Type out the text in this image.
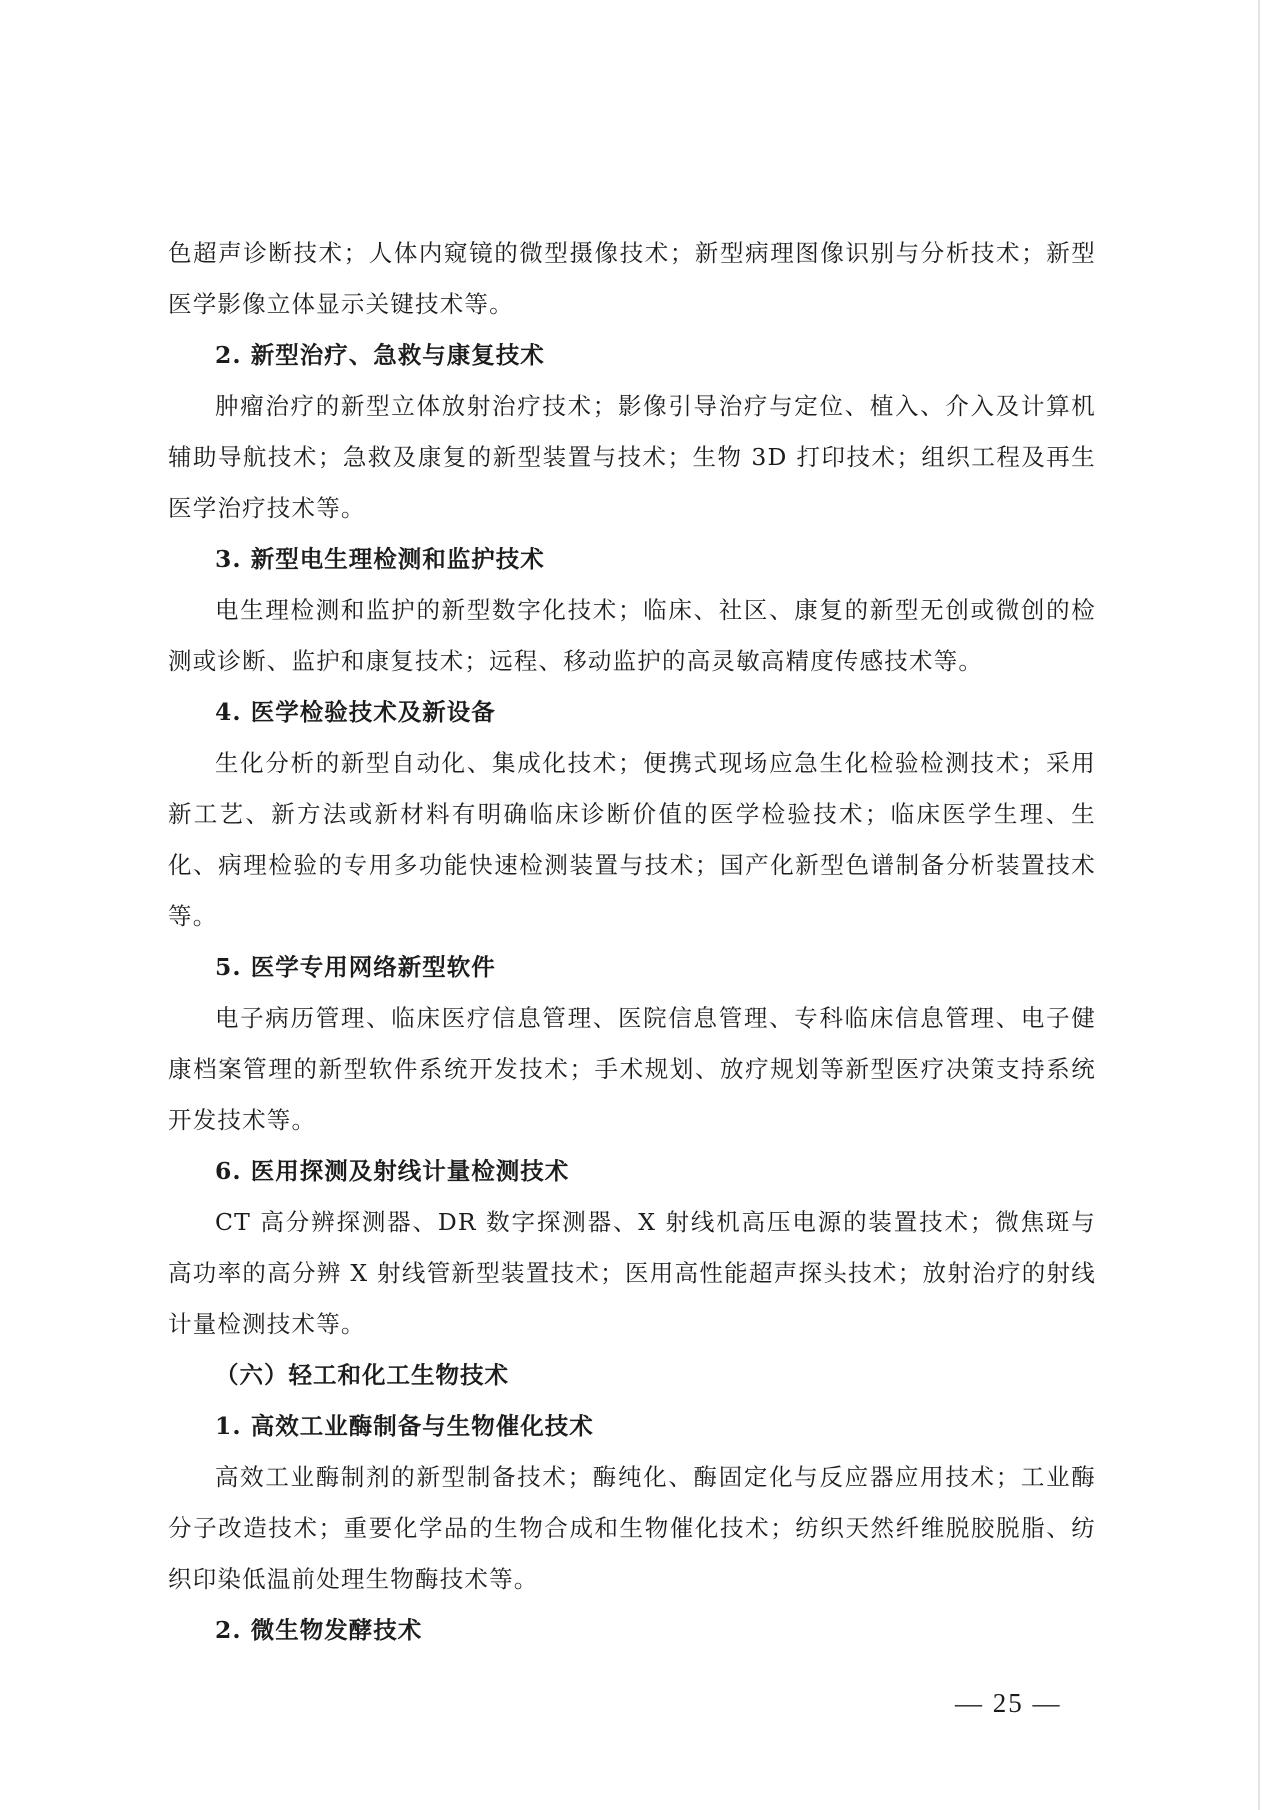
色超声诊断技术；人体内窥镜的微型摄像技术；新型病理图像识别与分析技术；新型医学影像立体显示关键技术等。

2. 新型治疗、急救与康复技术

肿瘤治疗的新型立体放射治疗技术；影像引导治疗与定位、植入、介入及计算机辅助导航技术；急救及康复的新型装置与技术；生物 3D 打印技术；组织工程及再生医学治疗技术等。

3. 新型电生理检测和监护技术

电生理检测和监护的新型数字化技术；临床、社区、康复的新型无创或微创的检测或诊断、监护和康复技术；远程、移动监护的高灵敏高精度传感技术等。

4. 医学检验技术及新设备

生化分析的新型自动化、集成化技术；便携式现场应急生化检验检测技术；采用新工艺、新方法或新材料有明确临床诊断价值的医学检验技术；临床医学生理、生化、病理检验的专用多功能快速检测装置与技术；国产化新型色谱制备分析装置技术等。

5. 医学专用网络新型软件

电子病历管理、临床医疗信息管理、医院信息管理、专科临床信息管理、电子健康档案管理的新型软件系统开发技术；手术规划、放疗规划等新型医疗决策支持系统开发技术等。

6. 医用探测及射线计量检测技术

CT 高分辨探测器、DR 数字探测器、X 射线机高压电源的装置技术；微焦斑与高功率的高分辨 X 射线管新型装置技术；医用高性能超声探头技术；放射治疗的射线计量检测技术等。

（六）轻工和化工生物技术
1. 高效工业酶制备与生物催化技术

高效工业酶制剂的新型制备技术；酶纯化、酶固定化与反应器应用技术；工业酶分子改造技术；重要化学品的生物合成和生物催化技术；纺织天然纤维脱胶脱脂、纺织印染低温前处理生物酶技术等。

2. 微生物发酵技术
— 25 —
